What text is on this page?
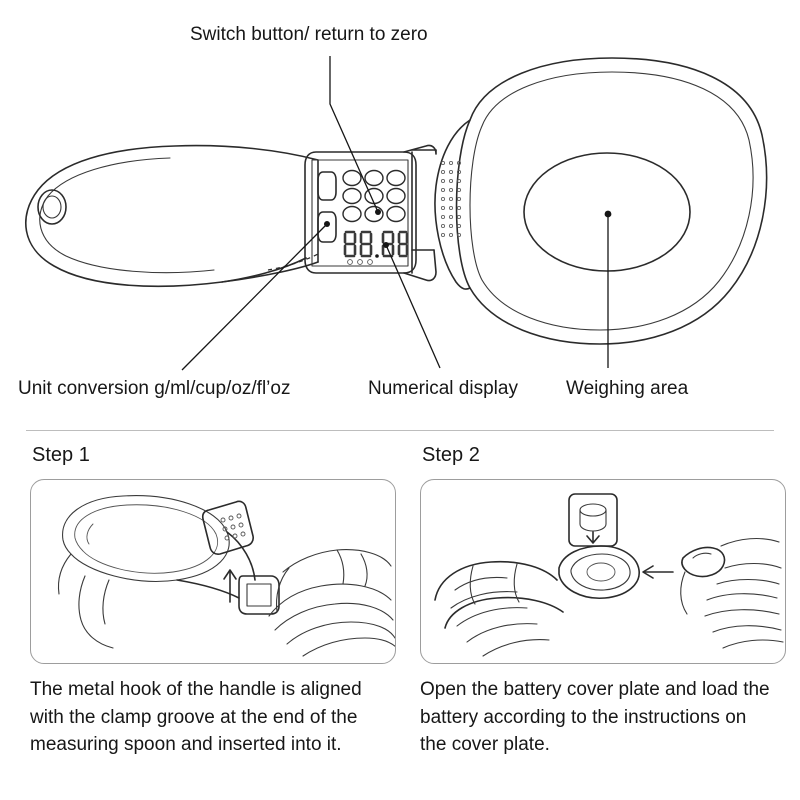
Switch button/ return to zero
Unit conversion g/ml/cup/oz/fl’oz	Numerical display	Weighing area
Step 1
The metal hook of the handle is aligned with the clamp groove at the end of the measuring spoon and inserted into it.
Step 2
Open the battery cover plate and load the battery according to the instructions on the cover plate.
